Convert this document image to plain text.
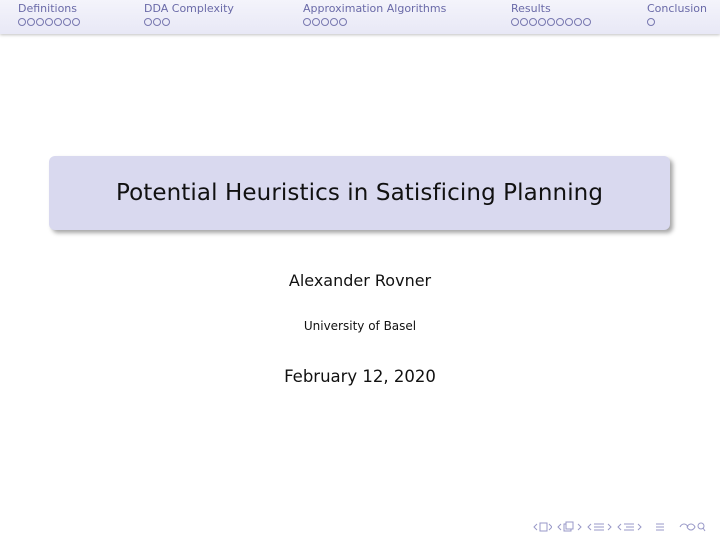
Definitions	DDA Complexity	Approximation Algorithms	Results	Conclusion
Potential Heuristics in Satisficing Planning
Alexander Rovner
University of Basel
February 12, 2020
